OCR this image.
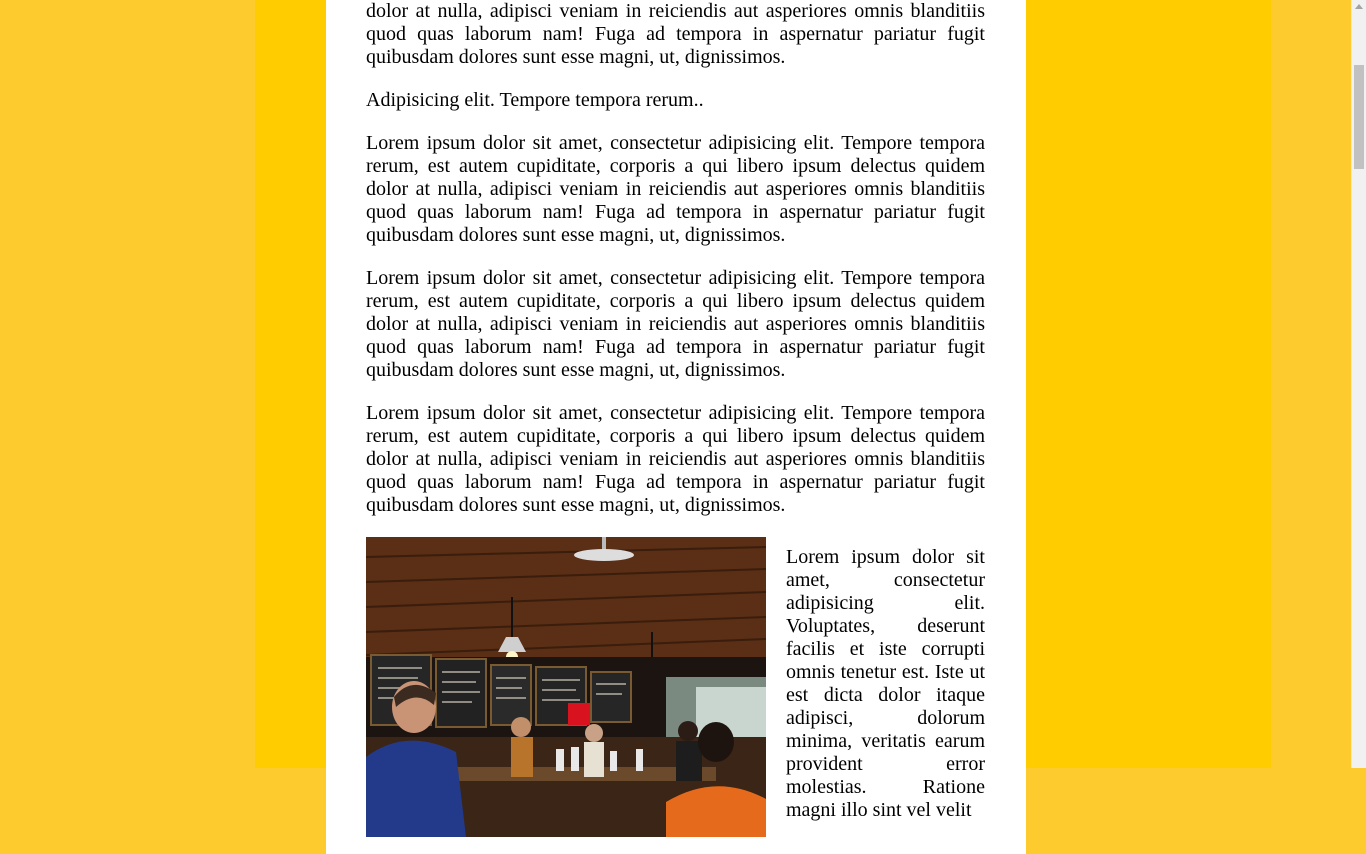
dolor at nulla, adipisci veniam in reiciendis aut asperiores omnis blanditiis quod quas laborum nam! Fuga ad tempora in aspernatur pariatur fugit quibusdam dolores sunt esse magni, ut, dignissimos.

Adipisicing elit. Tempore tempora rerum..

Lorem ipsum dolor sit amet, consectetur adipisicing elit. Tempore tempora rerum, est autem cupiditate, corporis a qui libero ipsum delectus quidem dolor at nulla, adipisci veniam in reiciendis aut asperiores omnis blanditiis quod quas laborum nam! Fuga ad tempora in aspernatur pariatur fugit quibusdam dolores sunt esse magni, ut, dignissimos.

Lorem ipsum dolor sit amet, consectetur adipisicing elit. Tempore tempora rerum, est autem cupiditate, corporis a qui libero ipsum delectus quidem dolor at nulla, adipisci veniam in reiciendis aut asperiores omnis blanditiis quod quas laborum nam! Fuga ad tempora in aspernatur pariatur fugit quibusdam dolores sunt esse magni, ut, dignissimos.

Lorem ipsum dolor sit amet, consectetur adipisicing elit. Tempore tempora rerum, est autem cupiditate, corporis a qui libero ipsum delectus quidem dolor at nulla, adipisci veniam in reiciendis aut asperiores omnis blanditiis quod quas laborum nam! Fuga ad tempora in aspernatur pariatur fugit quibusdam dolores sunt esse magni, ut, dignissimos.

Lorem ipsum dolor sit amet, consectetur adipisicing elit. Voluptates, deserunt facilis et iste corrupti omnis tenetur est. Iste ut est dicta dolor itaque adipisci, dolorum minima, veritatis earum provident error molestias. Ratione magni illo sint vel velit
